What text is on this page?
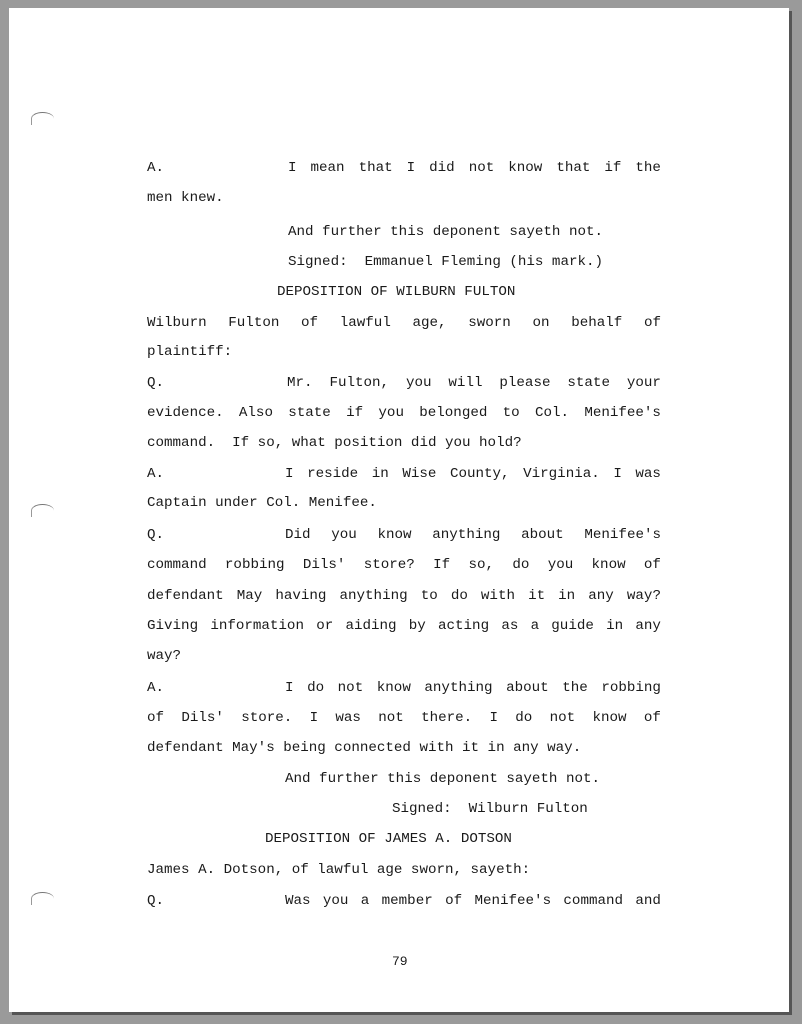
A.	I mean that I did not know that if the
men knew.
And further this deponent sayeth not.
Signed:  Emmanuel Fleming (his mark.)
DEPOSITION OF WILBURN FULTON
Wilburn Fulton of lawful age, sworn on behalf of
plaintiff:
Q.	Mr. Fulton, you will please state your
evidence. Also state if you belonged to Col. Menifee's
command.  If so, what position did you hold?
A.	I reside in Wise County, Virginia. I was
Captain under Col. Menifee.
Q.	Did you know anything about Menifee's
command robbing Dils' store? If so, do you know of
defendant May having anything to do with it in any way?
Giving information or aiding by acting as a guide in any
way?
A.	I do not know anything about the robbing
of Dils' store. I was not there. I do not know of
defendant May's being connected with it in any way.
And further this deponent sayeth not.
Signed:  Wilburn Fulton
DEPOSITION OF JAMES A. DOTSON
James A. Dotson, of lawful age sworn, sayeth:
Q.	Was you a member of Menifee's command and
79
